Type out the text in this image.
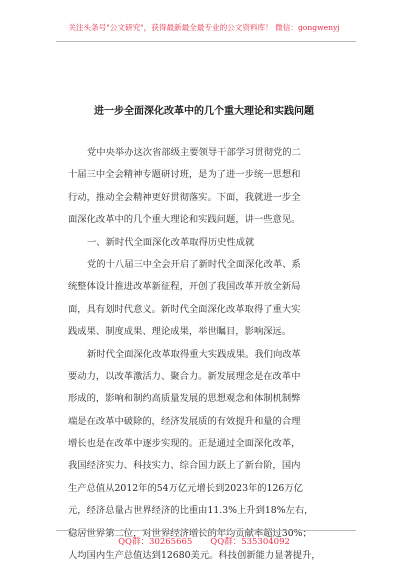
关注头条号"公文研究"，获得最新最全最专业的公文资料库！ 微信：gongwenyj
进一步全面深化改革中的几个重大理论和实践问题
党中央举办这次省部级主要领导干部学习贯彻党的二
十届三中全会精神专题研讨班，是为了进一步统一思想和
行动，推动全会精神更好贯彻落实。下面，我就进一步全
面深化改革中的几个重大理论和实践问题，讲一些意见。
一、新时代全面深化改革取得历史性成就
党的十八届三中全会开启了新时代全面深化改革、系
统整体设计推进改革新征程，开创了我国改革开放全新局
面，具有划时代意义。新时代全面深化改革取得了重大实
践成果、制度成果、理论成果，举世瞩目，影响深远。
新时代全面深化改革取得重大实践成果。我们向改革
要动力，以改革激活力、聚合力。新发展理念是在改革中
形成的，影响和制约高质量发展的思想观念和体制机制弊
端是在改革中破除的，经济发展质的有效提升和量的合理
增长也是在改革中逐步实现的。正是通过全面深化改革，
我国经济实力、科技实力、综合国力跃上了新台阶，国内
生产总值从2012年的54万亿元增长到2023年的126万亿
元，经济总量占世界经济的比重由11.3%上升到18%左右，
稳居世界第二位，对世界经济增长的年均贡献率超过30%；
人均国内生产总值达到12680美元。科技创新能力显著提升，
QQ群：30265665 QQ群：535304092
